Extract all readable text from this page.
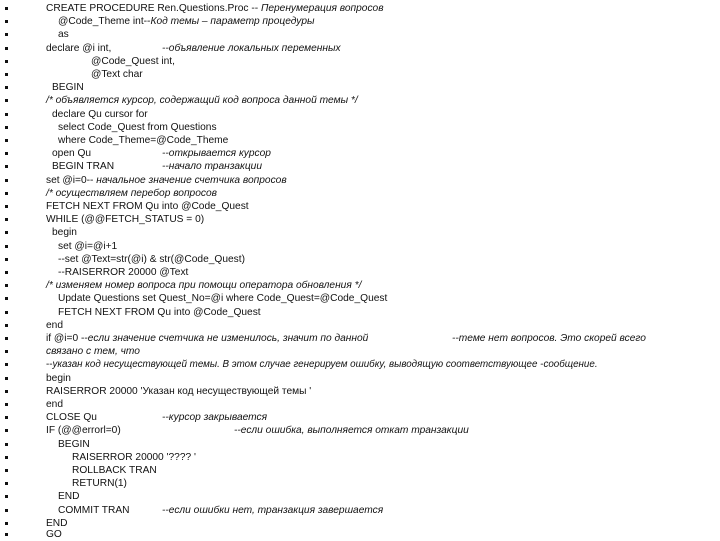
CREATE PROCEDURE Ren.Questions.Proc -- Перенумерация вопросов
@Code_Theme int--Код темы – параметр процедуры
as
declare @i int,	--объявление локальных переменных
@Code_Quest int,
@Text char
BEGIN
/* объявляется курсор, содержащий код вопроса данной темы */
declare Qu cursor for
select Code_Quest from Questions
where Code_Theme=@Code_Theme
open Qu	--открывается курсор
BEGIN TRAN	--начало транзакции
set @i=0-- начальное значение счетчика вопросов
/* осуществляем перебор вопросов
FETCH NEXT FROM Qu into @Code_Quest
WHILE (@@FETCH_STATUS = 0)
begin
set @i=@i+1
--set @Text=str(@i) & str(@Code_Quest)
--RAISERROR 20000 @Text
/* изменяем номер вопроса при помощи оператора обновления */
Update Questions set Quest_No=@i where Code_Quest=@Code_Quest
FETCH NEXT FROM Qu into @Code_Quest
end
if @i=0 --если значение счетчика не изменилось, значит по данной	--теме нет вопросов. Это скорей всего
связано с тем, что
--указан код несуществующей темы. В этом случае генерируем ошибку, выводящую соответствующее -сообщение.
begin
RAISERROR 20000 'Указан код несуществующей темы '
end
CLOSE Qu	--курсор закрывается
IF (@@errorl=0)	--если ошибка, выполняется откат транзакции
BEGIN
RAISERROR 20000 '???? '
ROLLBACK TRAN
RETURN(1)
END
COMMIT TRAN	--если ошибки нет, транзакция завершается
END
GO
